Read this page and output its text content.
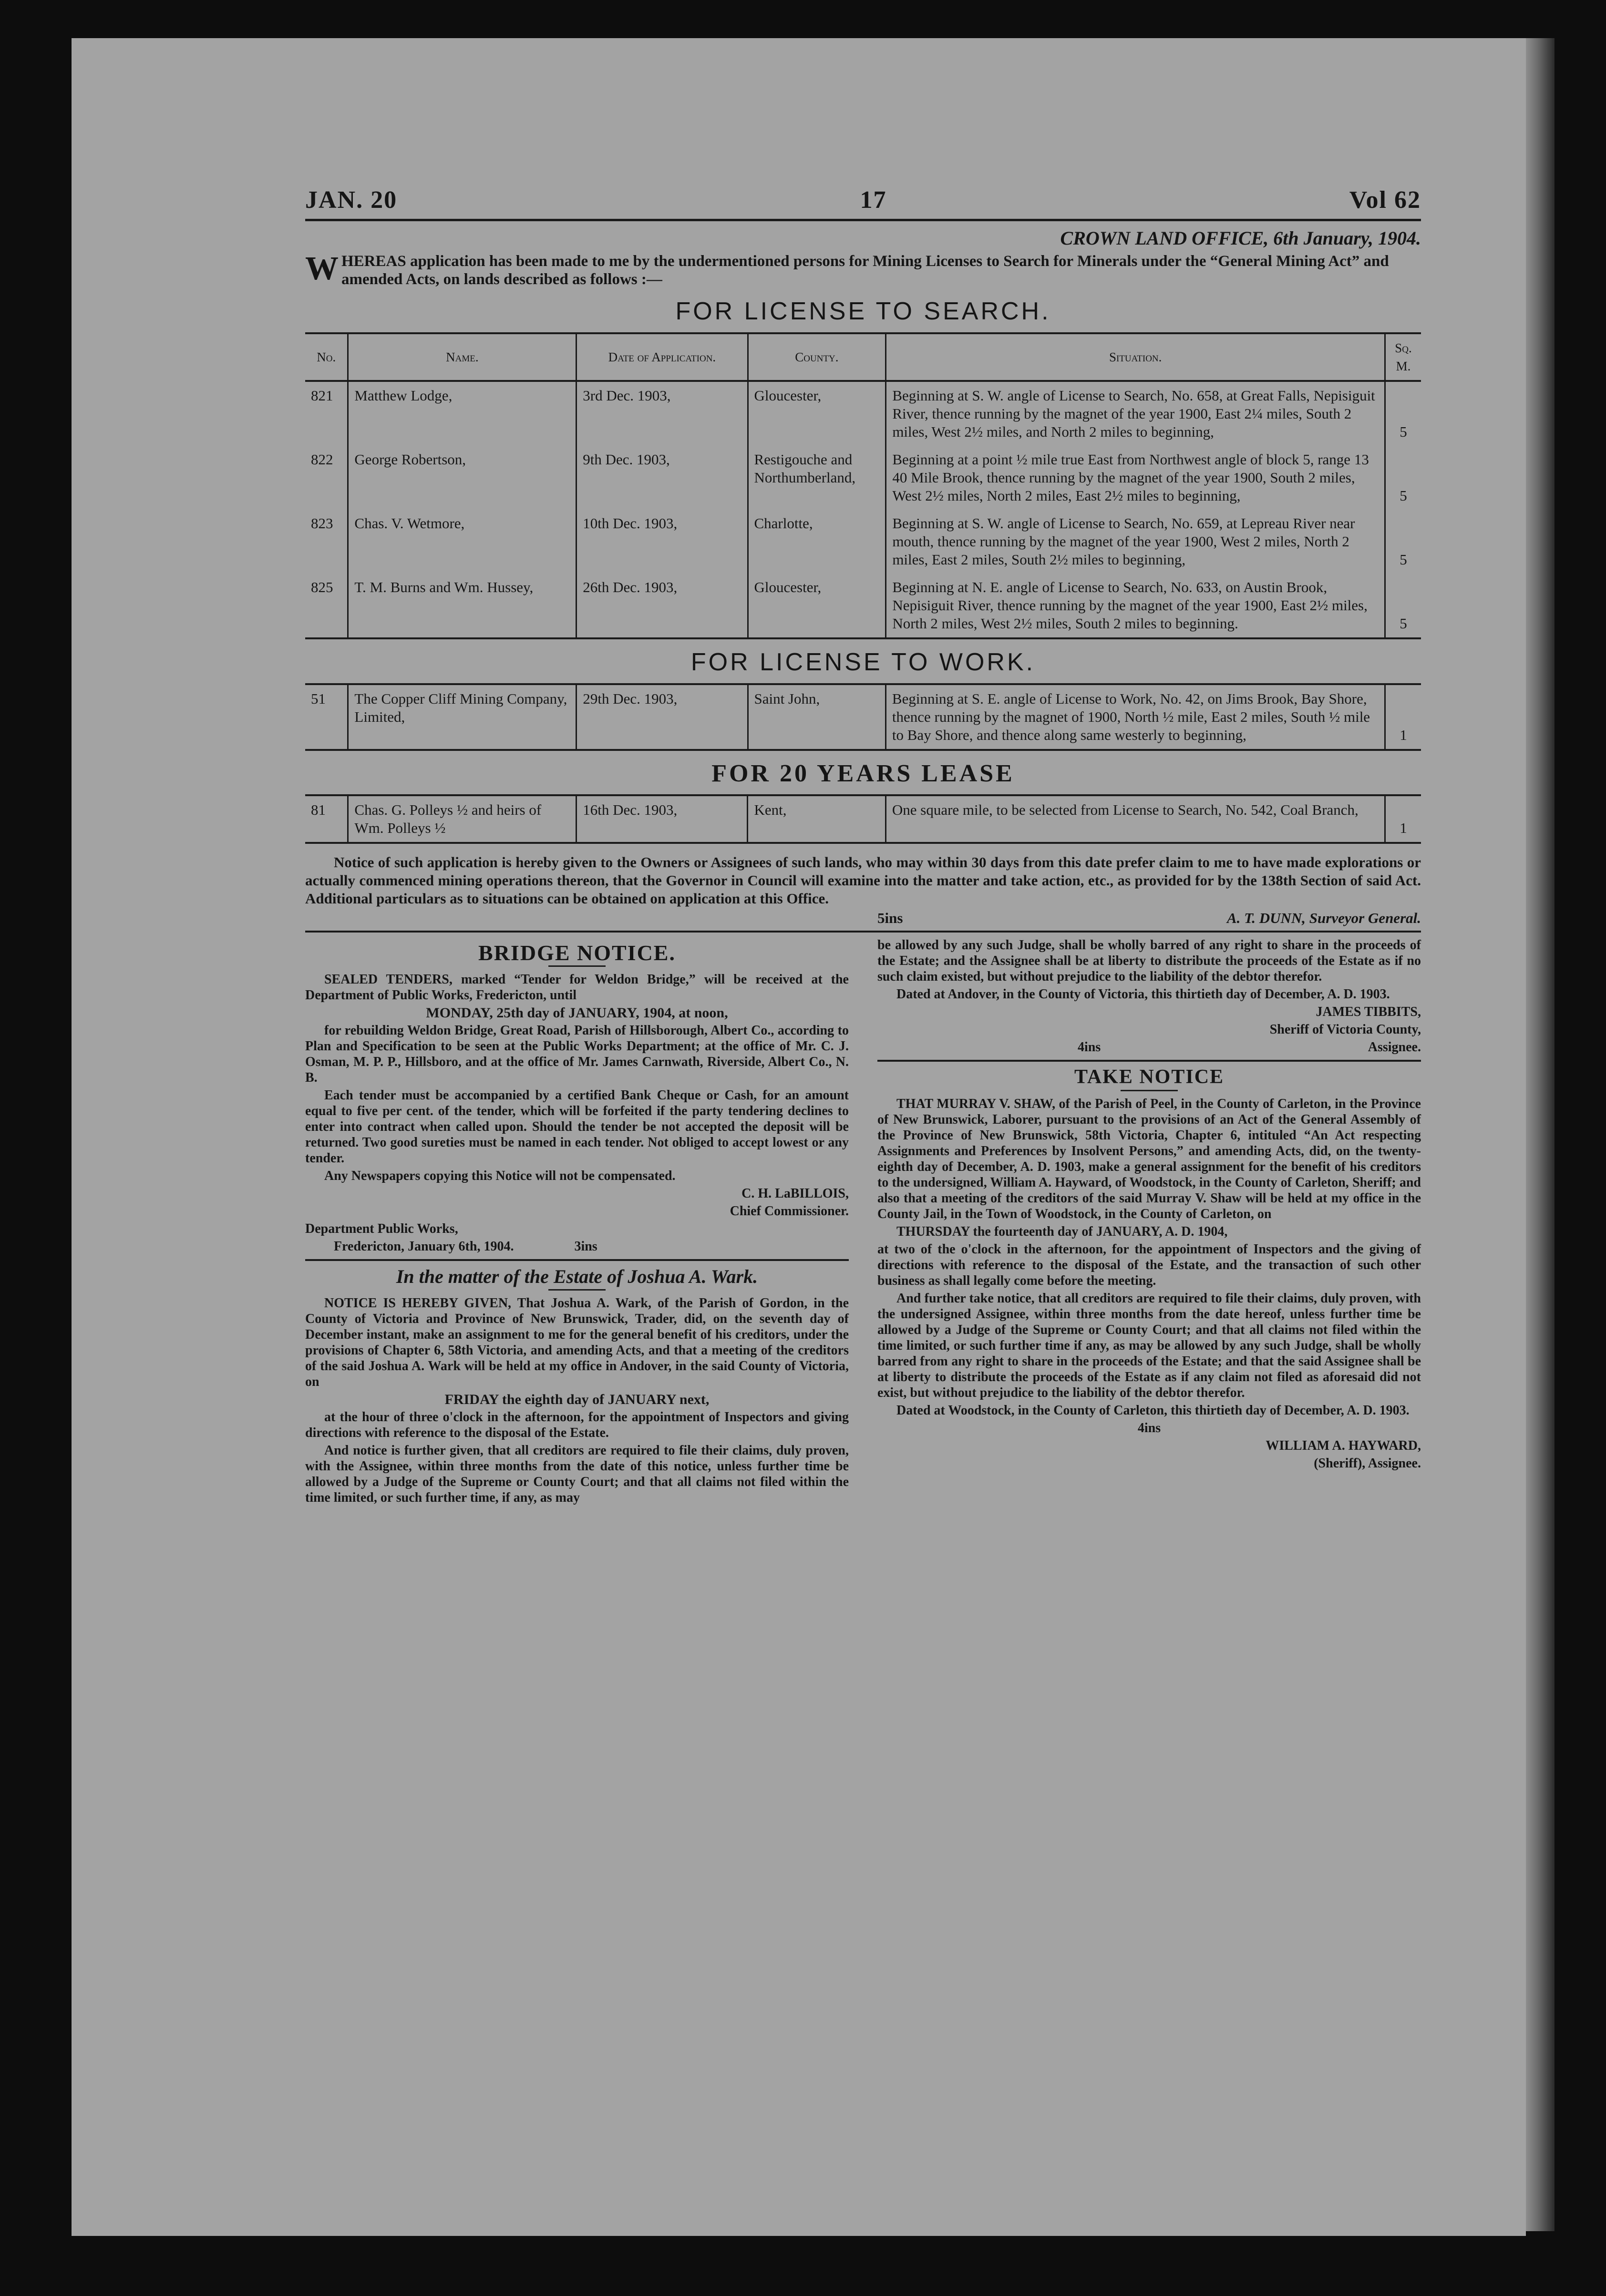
JAN. 20	17	Vol 62
CROWN LAND OFFICE, 6th January, 1904.
W HEREAS application has been made to me by the undermentioned persons for Mining Licenses to Search for Minerals under the “General Mining Act” and amended Acts, on lands described as follows :—
FOR LICENSE TO SEARCH.
No.	Name.	Date of Application.	County.	Situation.	Sq. M.
821	Matthew Lodge,	3rd Dec. 1903,	Gloucester,	Beginning at S. W. angle of License to Search, No. 658, at Great Falls, Nepisiguit River, thence running by the magnet of the year 1900, East 2¼ miles, South 2 miles, West 2½ miles, and North 2 miles to beginning,	5
822	George Robertson,	9th Dec. 1903,	Restigouche and Northumberland,	Beginning at a point ½ mile true East from Northwest angle of block 5, range 13 40 Mile Brook, thence running by the magnet of the year 1900, South 2 miles, West 2½ miles, North 2 miles, East 2½ miles to beginning,	5
823	Chas. V. Wetmore,	10th Dec. 1903,	Charlotte,	Beginning at S. W. angle of License to Search, No. 659, at Lepreau River near mouth, thence running by the magnet of the year 1900, West 2 miles, North 2 miles, East 2 miles, South 2½ miles to beginning,	5
825	T. M. Burns and Wm. Hussey,	26th Dec. 1903,	Gloucester,	Beginning at N. E. angle of License to Search, No. 633, on Austin Brook, Nepisiguit River, thence running by the magnet of the year 1900, East 2½ miles, North 2 miles, West 2½ miles, South 2 miles to beginning.	5
FOR LICENSE TO WORK.
51	The Copper Cliff Mining Company, Limited,	29th Dec. 1903,	Saint John,	Beginning at S. E. angle of License to Work, No. 42, on Jims Brook, Bay Shore, thence running by the magnet of 1900, North ½ mile, East 2 miles, South ½ mile to Bay Shore, and thence along same westerly to beginning,	1
FOR 20 YEARS LEASE
81	Chas. G. Polleys ½ and heirs of Wm. Polleys ½	16th Dec. 1903,	Kent,	One square mile, to be selected from License to Search, No. 542, Coal Branch,	1
Notice of such application is hereby given to the Owners or Assignees of such lands, who may within 30 days from this date prefer claim to me to have made explorations or actually commenced mining operations thereon, that the Governor in Council will examine into the matter and take action, etc., as provided for by the 138th Section of said Act. Additional particulars as to situations can be obtained on application at this Office.
5ins	A. T. DUNN, Surveyor General.

BRIDGE NOTICE.

SEALED TENDERS, marked “Tender for Weldon Bridge,” will be received at the Department of Public Works, Fredericton, until

MONDAY, 25th day of JANUARY, 1904, at noon,

for rebuilding Weldon Bridge, Great Road, Parish of Hillsborough, Albert Co., according to Plan and Specification to be seen at the Public Works Department; at the office of Mr. C. J. Osman, M. P. P., Hillsboro, and at the office of Mr. James Carnwath, Riverside, Albert Co., N. B.

Each tender must be accompanied by a certified Bank Cheque or Cash, for an amount equal to five per cent. of the tender, which will be forfeited if the party tendering declines to enter into contract when called upon. Should the tender be not accepted the deposit will be returned. Two good sureties must be named in each tender. Not obliged to accept lowest or any tender.

Any Newspapers copying this Notice will not be compensated.

C. H. LaBILLOIS,

Chief Commissioner.

Department Public Works,

Fredericton, January 6th, 1904.	3ins

In the matter of the Estate of Joshua A. Wark.

NOTICE IS HEREBY GIVEN, That Joshua A. Wark, of the Parish of Gordon, in the County of Victoria and Province of New Brunswick, Trader, did, on the seventh day of December instant, make an assignment to me for the general benefit of his creditors, under the provisions of Chapter 6, 58th Victoria, and amending Acts, and that a meeting of the creditors of the said Joshua A. Wark will be held at my office in Andover, in the said County of Victoria, on

FRIDAY the eighth day of JANUARY next,

at the hour of three o'clock in the afternoon, for the appointment of Inspectors and giving directions with reference to the disposal of the Estate.

And notice is further given, that all creditors are required to file their claims, duly proven, with the Assignee, within three months from the date of this notice, unless further time be allowed by a Judge of the Supreme or County Court; and that all claims not filed within the time limited, or such further time, if any, as may

be allowed by any such Judge, shall be wholly barred of any right to share in the proceeds of the Estate; and the Assignee shall be at liberty to distribute the proceeds of the Estate as if no such claim existed, but without prejudice to the liability of the debtor therefor.

Dated at Andover, in the County of Victoria, this thirtieth day of December, A. D. 1903.

JAMES TIBBITS,

Sheriff of Victoria County,

4ins	Assignee.

TAKE NOTICE

THAT MURRAY V. SHAW, of the Parish of Peel, in the County of Carleton, in the Province of New Brunswick, Laborer, pursuant to the provisions of an Act of the General Assembly of the Province of New Brunswick, 58th Victoria, Chapter 6, intituled “An Act respecting Assignments and Preferences by Insolvent Persons,” and amending Acts, did, on the twenty-eighth day of December, A. D. 1903, make a general assignment for the benefit of his creditors to the undersigned, William A. Hayward, of Woodstock, in the County of Carleton, Sheriff; and also that a meeting of the creditors of the said Murray V. Shaw will be held at my office in the County Jail, in the Town of Woodstock, in the County of Carleton, on

THURSDAY the fourteenth day of JANUARY, A. D. 1904,

at two of the o'clock in the afternoon, for the appointment of Inspectors and the giving of directions with reference to the disposal of the Estate, and the transaction of such other business as shall legally come before the meeting.

And further take notice, that all creditors are required to file their claims, duly proven, with the undersigned Assignee, within three months from the date hereof, unless further time be allowed by a Judge of the Supreme or County Court; and that all claims not filed within the time limited, or such further time if any, as may be allowed by any such Judge, shall be wholly barred from any right to share in the proceeds of the Estate; and that the said Assignee shall be at liberty to distribute the proceeds of the Estate as if any claim not filed as aforesaid did not exist, but without prejudice to the liability of the debtor therefor.

Dated at Woodstock, in the County of Carleton, this thirtieth day of December, A. D. 1903.

4ins

WILLIAM A. HAYWARD,

(Sheriff), Assignee.
